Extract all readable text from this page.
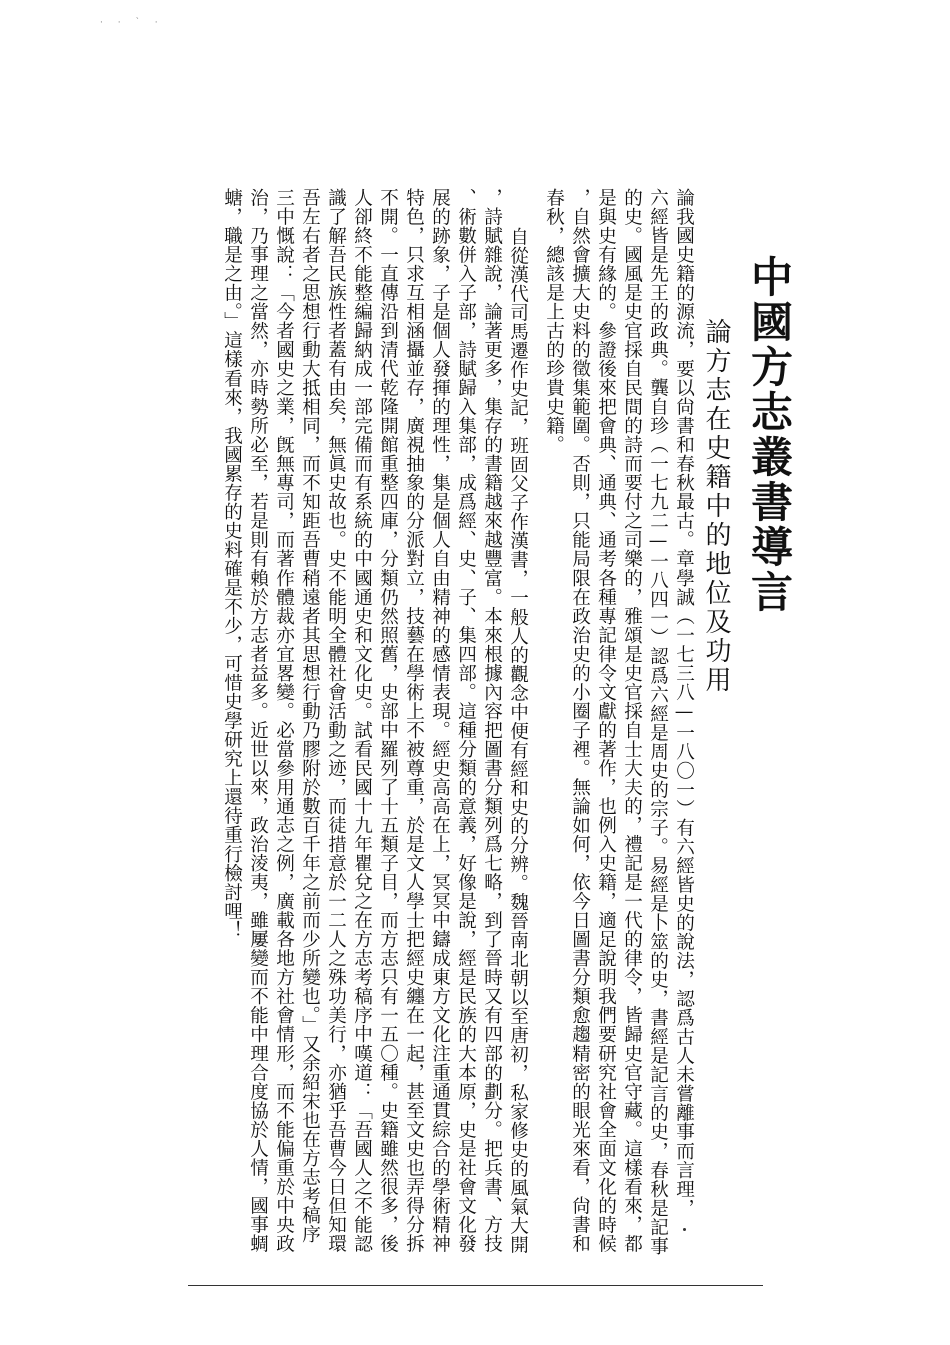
· · ` ·
中國方志叢書導言
論方志在史籍中的地位及功用
論我國史籍的源流，要以尙書和春秋最古。章學誠（一七三八—一八〇一）有六經皆史的說法，認爲古人未嘗離事而言理，
六經皆是先王的政典。龔自珍（一七九二—一八四一）認爲六經是周史的宗子。易經是卜筮的史，書經是記言的史，春秋是記事
的史。國風是史官採自民間的詩而要付之司樂的，雅頌是史官採自士大夫的，禮記是一代的律令，皆歸史官守藏。這樣看來，都
是與史有緣的。參證後來把會典、通典、通考各種專記律令文獻的著作，也例入史籍，適足說明我們要研究社會全面文化的時候
，自然會擴大史料的徵集範圍。否則，只能局限在政治史的小圈子裡。無論如何，依今日圖書分類愈趨精密的眼光來看，尙書和
春秋，總該是上古的珍貴史籍。
自從漢代司馬遷作史記，班固父子作漢書，一般人的觀念中便有經和史的分辨。魏晉南北朝以至唐初，私家修史的風氣大開
，詩賦雜說，論著更多，集存的書籍越來越豐富。本來根據內容把圖書分類列爲七略，到了晉時又有四部的劃分。把兵書、方技
、術數併入子部，詩賦歸入集部，成爲經、史、子、集四部。這種分類的意義，好像是說，經是民族的大本原，史是社會文化發
展的跡象，子是個人發揮的理性，集是個人自由精神的感情表現。經史高高在上，冥冥中鑄成東方文化注重通貫綜合的學術精神
特色，只求互相涵攝並存，廣視抽象的分派對立，技藝在學術上不被尊重，於是文人學士把經史纏在一起，甚至文史也弄得分拆
不開。一直傳沿到清代乾隆開館重整四庫，分類仍然照舊，史部中羅列了十五類子目，而方志只有一五〇種。史籍雖然很多，後
人卻終不能整編歸納成一部完備而有系統的中國通史和文化史。試看民國十九年瞿兌之在方志考稿序中嘆道：「吾國人之不能認
識了解吾民族性者蓋有由矣，無眞史故也。史不能明全體社會活動之迹，而徒措意於一二人之殊功美行，亦猶乎吾曹今日但知環
吾左右者之思想行動大抵相同，而不知距吾曹稍遠者其思想行動乃膠附於數百千年之前而少所變也。」又余紹宋也在方志考稿序
三中慨說：「今者國史之業，旣無專司，而著作體裁亦宜畧變。必當參用通志之例，廣載各地方社會情形，而不能偏重於中央政
治，乃事理之當然，亦時勢所必至，若是則有賴於方志者益多。近世以來，政治淩夷，雖屢變而不能中理合度協於人情，國事蜩
螗，職是之由。」這樣看來，我國累存的史料確是不少，可惜史學研究上還待重行檢討哩！
